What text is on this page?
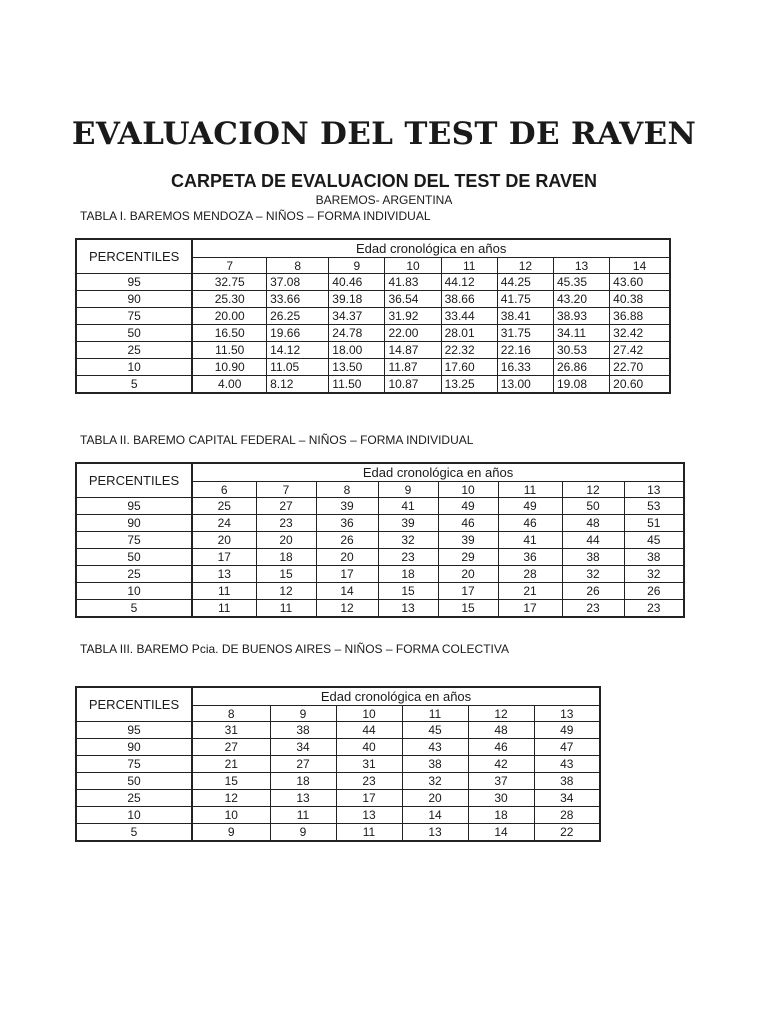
EVALUACION DEL TEST DE RAVEN
CARPETA DE EVALUACION DEL TEST DE RAVEN
BAREMOS- ARGENTINA
TABLA I. BAREMOS MENDOZA – NIÑOS – FORMA INDIVIDUAL
PERCENTILES	Edad cronológica en años							
	7	8	9	10	11	12	13	14
95	32.75	37.08	40.46	41.83	44.12	44.25	45.35	43.60
90	25.30	33.66	39.18	36.54	38.66	41.75	43.20	40.38
75	20.00	26.25	34.37	31.92	33.44	38.41	38.93	36.88
50	16.50	19.66	24.78	22.00	28.01	31.75	34.11	32.42
25	11.50	14.12	18.00	14.87	22.32	22.16	30.53	27.42
10	10.90	11.05	13.50	11.87	17.60	16.33	26.86	22.70
5	4.00	8.12	11.50	10.87	13.25	13.00	19.08	20.60
TABLA II. BAREMO CAPITAL FEDERAL – NIÑOS – FORMA INDIVIDUAL
PERCENTILES	Edad cronológica en años							
	6	7	8	9	10	11	12	13
95	25	27	39	41	49	49	50	53
90	24	23	36	39	46	46	48	51
75	20	20	26	32	39	41	44	45
50	17	18	20	23	29	36	38	38
25	13	15	17	18	20	28	32	32
10	11	12	14	15	17	21	26	26
5	11	11	12	13	15	17	23	23
TABLA III. BAREMO Pcia. DE BUENOS AIRES – NIÑOS – FORMA COLECTIVA
PERCENTILES	Edad cronológica en años					
	8	9	10	11	12	13
95	31	38	44	45	48	49
90	27	34	40	43	46	47
75	21	27	31	38	42	43
50	15	18	23	32	37	38
25	12	13	17	20	30	34
10	10	11	13	14	18	28
5	9	9	11	13	14	22
